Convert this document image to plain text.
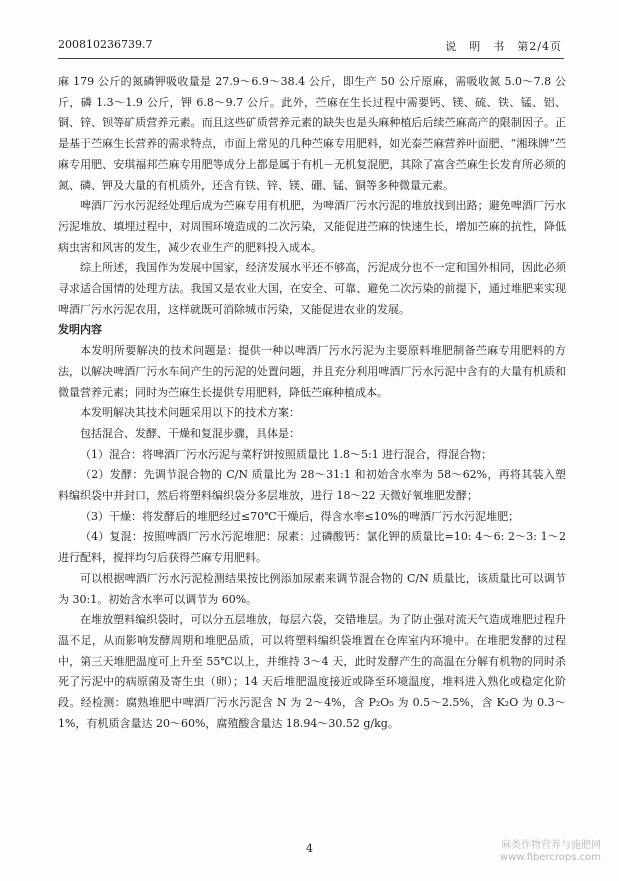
200810236739.7	说　明　书　 第2/4页

麻 179 公斤的氮磷钾吸收量是 27.9～6.9～38.4 公斤，即生产 50 公斤原麻，需吸收氮 5.0～7.8 公斤，磷 1.3～1.9 公斤，钾 6.8～9.7 公斤。此外，苎麻在生长过程中需要钙、镁、硫、铁、锰、铝、铜、锌、钡等矿质营养元素。而且这些矿质营养元素的缺失也是头麻种植后后续苎麻高产的限制因子。正是基于苎麻生长营养的需求特点，市面上常见的几种苎麻专用肥料，如光泰苎麻营养叶面肥、“湘珠牌”苎麻专用肥、安琪福邦苎麻专用肥等成分上都是属于有机－无机复混肥，其除了富含苎麻生长发育所必须的氮、磷、钾及大量的有机质外，还含有铁、锌、镁、硼、锰、铜等多种微量元素。

啤酒厂污水污泥经处理后成为苎麻专用有机肥，为啤酒厂污水污泥的堆放找到出路；避免啤酒厂污水污泥堆放、填埋过程中，对周围环境造成的二次污染，又能促进苎麻的快速生长，增加苎麻的抗性，降低病虫害和风害的发生，减少农业生产的肥料投入成本。

综上所述，我国作为发展中国家，经济发展水平还不够高，污泥成分也不一定和国外相同，因此必须寻求适合国情的处理方法。我国又是农业大国，在安全、可靠、避免二次污染的前提下，通过堆肥来实现啤酒厂污水污泥农用，这样就既可消除城市污染，又能促进农业的发展。

发明内容

本发明所要解决的技术问题是：提供一种以啤酒厂污水污泥为主要原料堆肥制备苎麻专用肥料的方法，以解决啤酒厂污水车间产生的污泥的处置问题，并且充分利用啤酒厂污水污泥中含有的大量有机质和微量营养元素；同时为苎麻生长提供专用肥料，降低苎麻种植成本。

本发明解决其技术问题采用以下的技术方案：

包括混合、发酵、干燥和复混步骤，具体是：

（1）混合：将啤酒厂污水污泥与菜籽饼按照质量比 1.8～5:1 进行混合，得混合物；

（2）发酵：先调节混合物的 C/N 质量比为 28～31:1 和初始含水率为 58～62%，再将其装入塑料编织袋中并封口，然后将塑料编织袋分多层堆放，进行 18～22 天微好氧堆肥发酵；

（3）干燥：将发酵后的堆肥经过≤70℃干燥后，得含水率≤10%的啤酒厂污水污泥堆肥；

（4）复混：按照啤酒厂污水污泥堆肥：尿素：过磷酸钙：氯化钾的质量比=10: 4～6: 2～3: 1～2 进行配料，搅拌均匀后获得苎麻专用肥料。

可以根据啤酒厂污水污泥检测结果按比例添加尿素来调节混合物的 C/N 质量比，该质量比可以调节为 30:1。初始含水率可以调节为 60%。

在堆放塑料编织袋时，可以分五层堆放，每层六袋，交错堆层。为了防止强对流天气造成堆肥过程升温不足，从而影响发酵周期和堆肥品质，可以将塑料编织袋堆置在仓库室内环境中。在堆肥发酵的过程中，第三天堆肥温度可上升至 55℃以上，并维持 3～4 天，此时发酵产生的高温在分解有机物的同时杀死了污泥中的病原菌及寄生虫（卵）；14 天后堆肥温度接近或降至环境温度，堆料进入熟化或稳定化阶段。经检测：腐熟堆肥中啤酒厂污水污泥含 N 为 2～4%，含 P₂O₅ 为 0.5～2.5%，含 K₂O 为 0.3～1%，有机质含量达 20～60%，腐殖酸含量达 18.94～30.52 g/kg。

4	麻类作物营养与施肥网
www.fibercrops.com
